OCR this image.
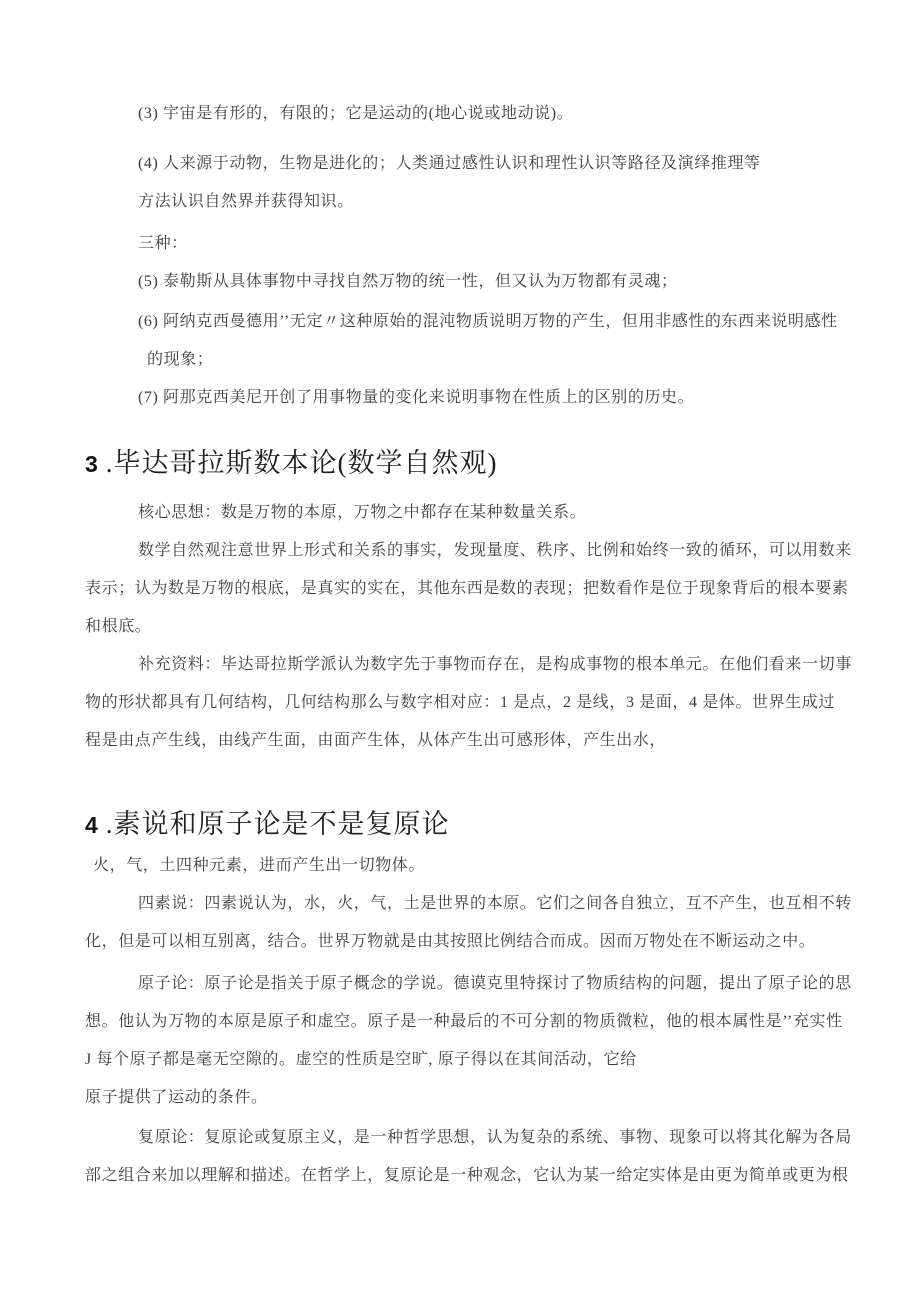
(3) 宇宙是有形的，有限的；它是运动的(地心说或地动说)。
(4) 人来源于动物，生物是进化的；人类通过感性认识和理性认识等路径及演绎推理等
方法认识自然界并获得知识。
三种：
(5) 泰勒斯从具体事物中寻找自然万物的统一性，但又认为万物都有灵魂；
(6) 阿纳克西曼德用’’无定〃这种原始的混沌物质说明万物的产生，但用非感性的东西来说明感性
的现象；
(7) 阿那克西美尼开创了用事物量的变化来说明事物在性质上的区别的历史。
3 .毕达哥拉斯数本论(数学自然观)
核心思想：数是万物的本原，万物之中都存在某种数量关系。
数学自然观注意世界上形式和关系的事实，发现量度、秩序、比例和始终一致的循环，可以用数来
表示；认为数是万物的根底，是真实的实在，其他东西是数的表现；把数看作是位于现象背后的根本要素
和根底。
补充资料：毕达哥拉斯学派认为数字先于事物而存在，是构成事物的根本单元。在他们看来一切事
物的形状都具有几何结构，几何结构那么与数字相对应：1 是点，2 是线，3 是面，4 是体。世界生成过
程是由点产生线，由线产生面，由面产生体，从体产生出可感形体，产生出水，
4 .素说和原子论是不是复原论
火，气，土四种元素，进而产生出一切物体。
四素说：四素说认为，水，火，气，土是世界的本原。它们之间各自独立，互不产生，也互相不转
化，但是可以相互别离，结合。世界万物就是由其按照比例结合而成。因而万物处在不断运动之中。
原子论：原子论是指关于原子概念的学说。德谟克里特探讨了物质结构的问题，提出了原子论的思
想。他认为万物的本原是原子和虚空。原子是一种最后的不可分割的物质微粒，他的根本属性是’’充实性
J 每个原子都是毫无空隙的。虚空的性质是空旷, 原子得以在其间活动，它给
原子提供了运动的条件。
复原论：复原论或复原主义，是一种哲学思想，认为复杂的系统、事物、现象可以将其化解为各局
部之组合来加以理解和描述。在哲学上，复原论是一种观念，它认为某一给定实体是由更为简单或更为根
